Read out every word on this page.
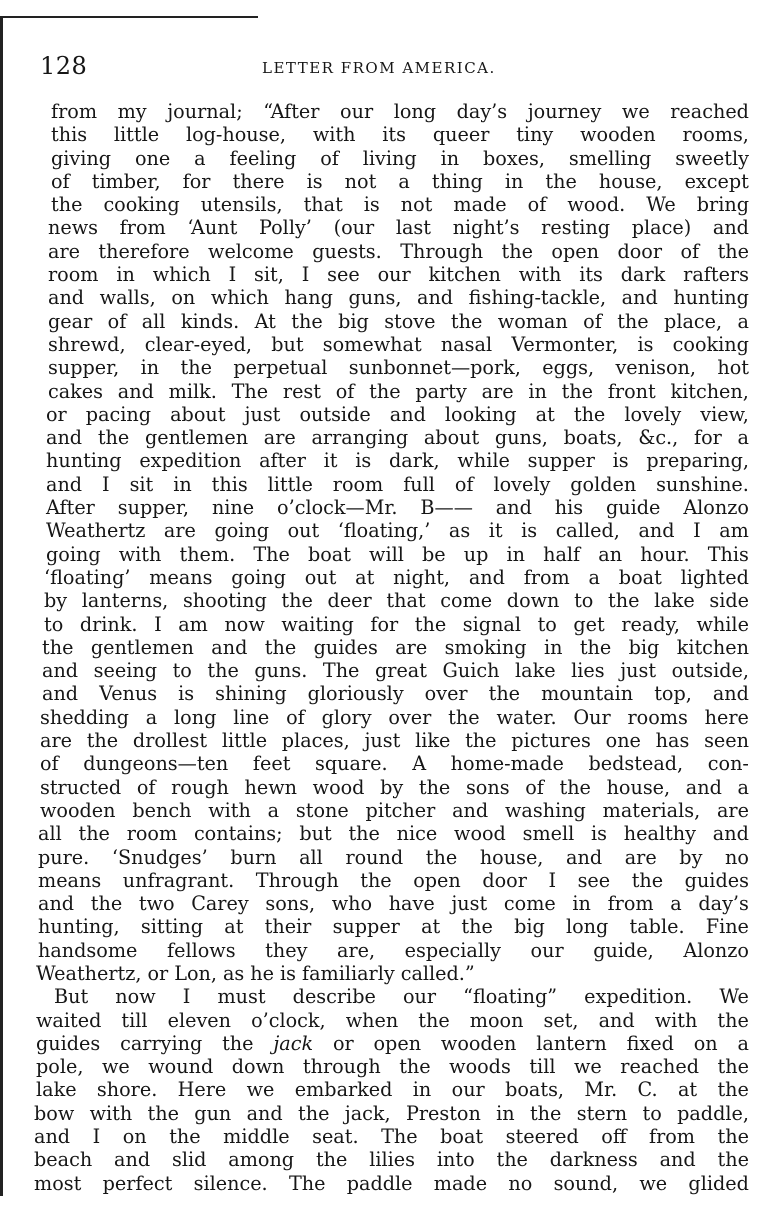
128	LETTER FROM AMERICA.
from my journal; “After our long day’s journey we reached
this little log-house, with its queer tiny wooden rooms,
giving one a feeling of living in boxes, smelling sweetly
of timber, for there is not a thing in the house, except
the cooking utensils, that is not made of wood. We bring
news from ‘Aunt Polly’ (our last night’s resting place) and
are therefore welcome guests. Through the open door of the
room in which I sit, I see our kitchen with its dark rafters
and walls, on which hang guns, and fishing-tackle, and hunting
gear of all kinds. At the big stove the woman of the place, a
shrewd, clear-eyed, but somewhat nasal Vermonter, is cooking
supper, in the perpetual sunbonnet—pork, eggs, venison, hot
cakes and milk. The rest of the party are in the front kitchen,
or pacing about just outside and looking at the lovely view,
and the gentlemen are arranging about guns, boats, &c., for a
hunting expedition after it is dark, while supper is preparing,
and I sit in this little room full of lovely golden sunshine.
After supper, nine o’clock—Mr. B—— and his guide Alonzo
Weathertz are going out ‘floating,’ as it is called, and I am
going with them. The boat will be up in half an hour. This
‘floating’ means going out at night, and from a boat lighted
by lanterns, shooting the deer that come down to the lake side
to drink. I am now waiting for the signal to get ready, while
the gentlemen and the guides are smoking in the big kitchen
and seeing to the guns. The great Guich lake lies just outside,
and Venus is shining gloriously over the mountain top, and
shedding a long line of glory over the water. Our rooms here
are the drollest little places, just like the pictures one has seen
of dungeons—ten feet square. A home-made bedstead, con-
structed of rough hewn wood by the sons of the house, and a
wooden bench with a stone pitcher and washing materials, are
all the room contains; but the nice wood smell is healthy and
pure. ‘Snudges’ burn all round the house, and are by no
means unfragrant. Through the open door I see the guides
and the two Carey sons, who have just come in from a day’s
hunting, sitting at their supper at the big long table. Fine
handsome fellows they are, especially our guide, Alonzo
Weathertz, or Lon, as he is familiarly called.”
But now I must describe our “floating” expedition. We
waited till eleven o’clock, when the moon set, and with the
guides carrying the jack or open wooden lantern fixed on a
pole, we wound down through the woods till we reached the
lake shore. Here we embarked in our boats, Mr. C. at the
bow with the gun and the jack, Preston in the stern to paddle,
and I on the middle seat. The boat steered off from the
beach and slid among the lilies into the darkness and the
most perfect silence. The paddle made no sound, we glided
